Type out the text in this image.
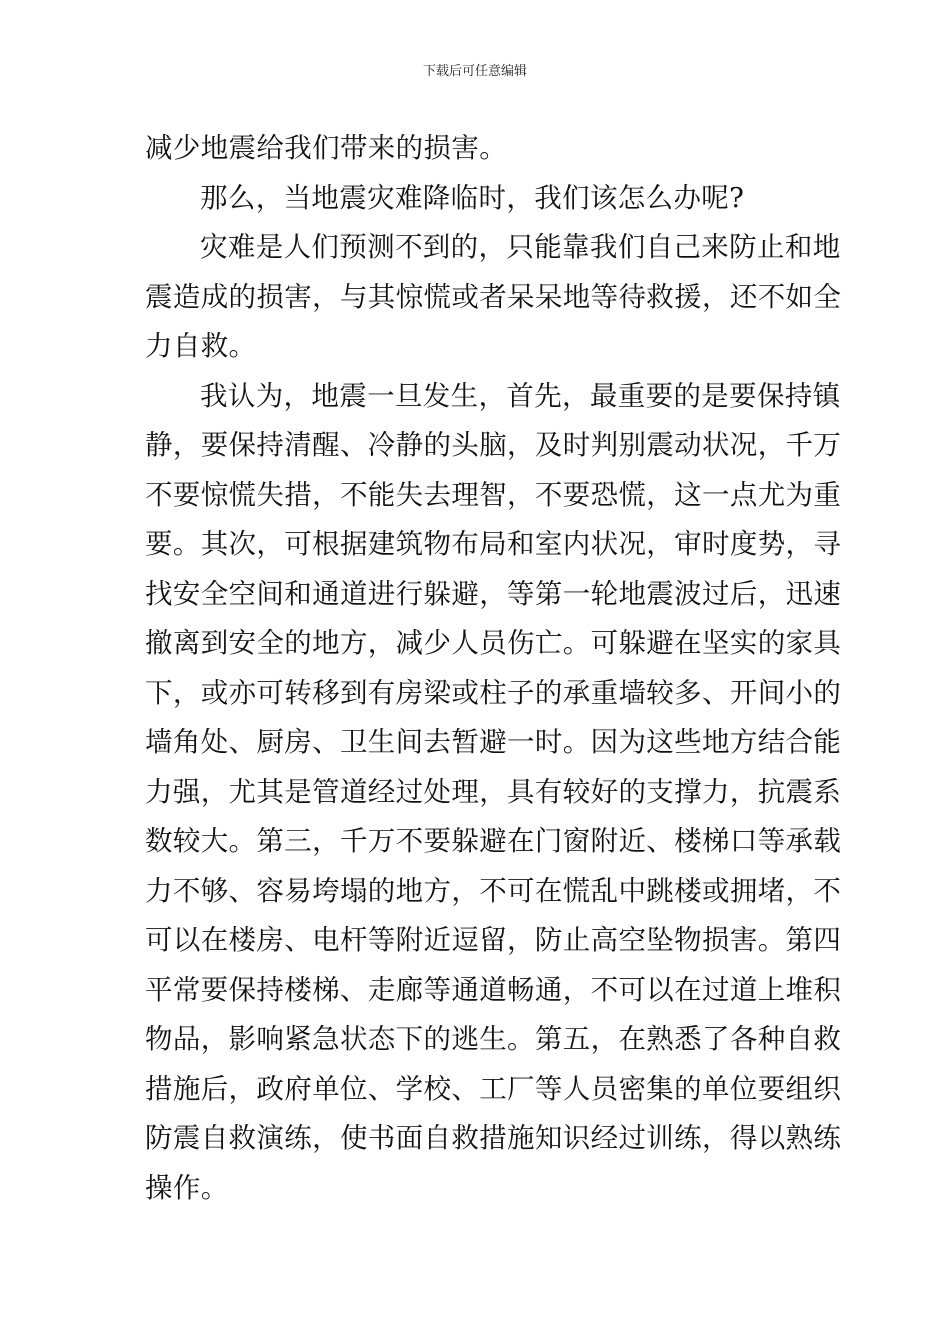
下载后可任意编辑
减少地震给我们带来的损害。
那么，当地震灾难降临时，我们该怎么办呢?
灾难是人们预测不到的，只能靠我们自己来防止和地
震造成的损害，与其惊慌或者呆呆地等待救援，还不如全
力自救。
我认为，地震一旦发生，首先，最重要的是要保持镇
静，要保持清醒、冷静的头脑，及时判别震动状况，千万
不要惊慌失措，不能失去理智，不要恐慌，这一点尤为重
要。其次，可根据建筑物布局和室内状况，审时度势，寻
找安全空间和通道进行躲避，等第一轮地震波过后，迅速
撤离到安全的地方，减少人员伤亡。可躲避在坚实的家具
下，或亦可转移到有房梁或柱子的承重墙较多、开间小的
墙角处、厨房、卫生间去暂避一时。因为这些地方结合能
力强，尤其是管道经过处理，具有较好的支撑力，抗震系
数较大。第三，千万不要躲避在门窗附近、楼梯口等承载
力不够、容易垮塌的地方，不可在慌乱中跳楼或拥堵，不
可以在楼房、电杆等附近逗留，防止高空坠物损害。第四
平常要保持楼梯、走廊等通道畅通，不可以在过道上堆积
物品，影响紧急状态下的逃生。第五，在熟悉了各种自救
措施后，政府单位、学校、工厂等人员密集的单位要组织
防震自救演练，使书面自救措施知识经过训练，得以熟练
操作。
